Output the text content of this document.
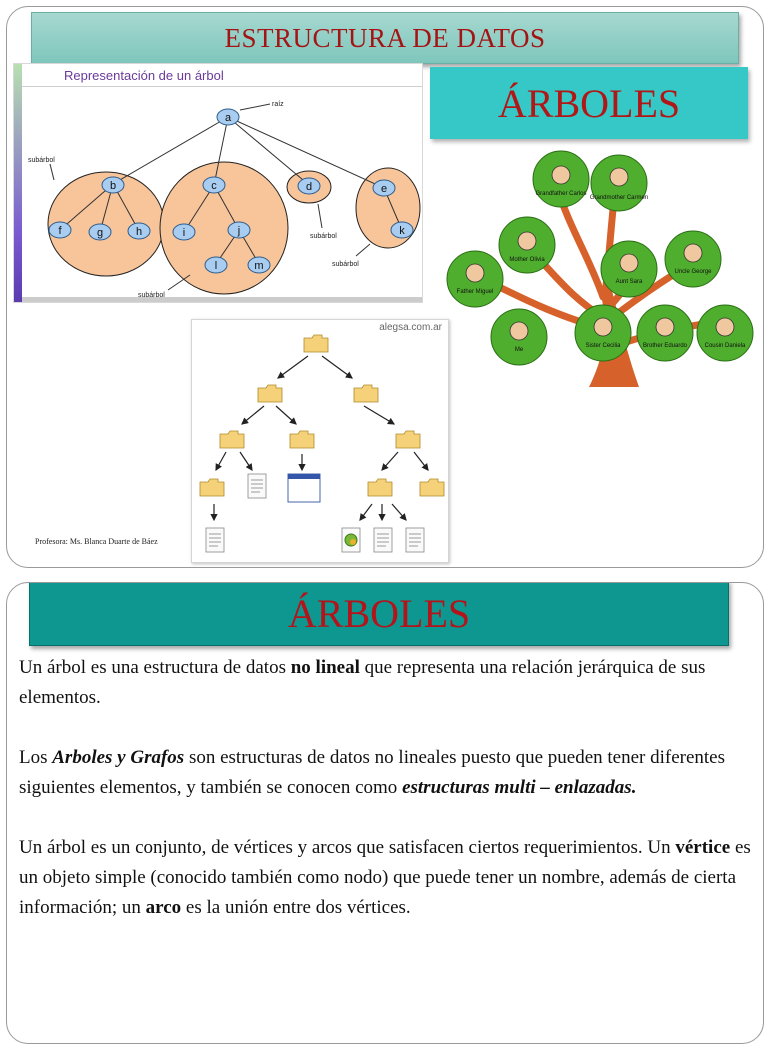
ESTRUCTURA DE DATOS
Representación de un árbol
a
b	c	d	e
f	g	h	i	j	k
l	m
raíz
subárbol
subárbol
subárbol
subárbol
ÁRBOLES
Grandfather Carlos
Grandmother Carmen
Mother Olivia
Aunt Sara
Uncle George
Father Miguel
Me
Sister Cecilia	Brother Eduardo	Cousin Daniela
alegsa.com.ar
Profesora: Ms. Blanca Duarte de Báez
ÁRBOLES

Un árbol es una estructura de datos no lineal que representa una relación jerárquica de sus elementos.

Los Arboles y Grafos son estructuras de datos no lineales puesto que pueden tener diferentes siguientes elementos, y también se conocen como estructuras multi – enlazadas.

Un árbol es un conjunto, de vértices y arcos que satisfacen ciertos requerimientos. Un vértice es un objeto simple (conocido también como nodo) que puede tener un nombre, además de cierta información; un arco es la unión entre dos vértices.
